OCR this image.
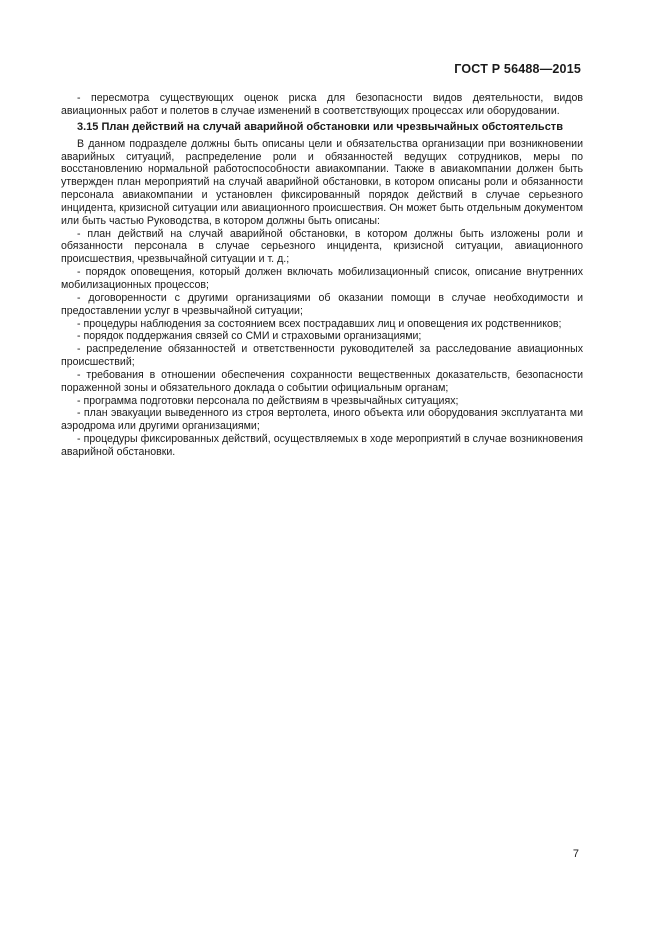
ГОСТ Р 56488—2015

- пересмотра существующих оценок риска для безопасности видов деятельности, видов авиационных работ и полетов в случае изменений в соответствующих процессах или оборудовании.

3.15 План действий на случай аварийной обстановки или чрезвычайных обстоятельств

В данном подразделе должны быть описаны цели и обязательства организации при возникновении аварийных ситуаций, распределение роли и обязанностей ведущих сотрудников, меры по восстановлению нормальной работоспособности авиакомпании. Также в авиакомпании должен быть утвержден план мероприятий на случай аварийной обстановки, в котором описаны роли и обязанности персонала авиакомпании и установлен фиксированный порядок действий в случае серьезного инцидента, кризисной ситуации или авиационного происшествия. Он может быть отдельным документом или быть частью Руководства, в котором должны быть описаны:

- план действий на случай аварийной обстановки, в котором должны быть изложены роли и обязанности персонала в случае серьезного инцидента, кризисной ситуации, авиационного происшествия, чрезвычайной ситуации и т. д.;

- порядок оповещения, который должен включать мобилизационный список, описание внутренних мобилизационных процессов;

- договоренности с другими организациями об оказании помощи в случае необходимости и предоставлении услуг в чрезвычайной ситуации;

- процедуры наблюдения за состоянием всех пострадавших лиц и оповещения их родственников;

- порядок поддержания связей со СМИ и страховыми организациями;

- распределение обязанностей и ответственности руководителей за расследование авиационных происшествий;

- требования в отношении обеспечения сохранности вещественных доказательств, безопасности пораженной зоны и обязательного доклада о событии официальным органам;

- программа подготовки персонала по действиям в чрезвычайных ситуациях;

- план эвакуации выведенного из строя вертолета, иного объекта или оборудования эксплуатанта ми аэродрома или другими организациями;

- процедуры фиксированных действий, осуществляемых в ходе мероприятий в случае возникновения аварийной обстановки.

7
